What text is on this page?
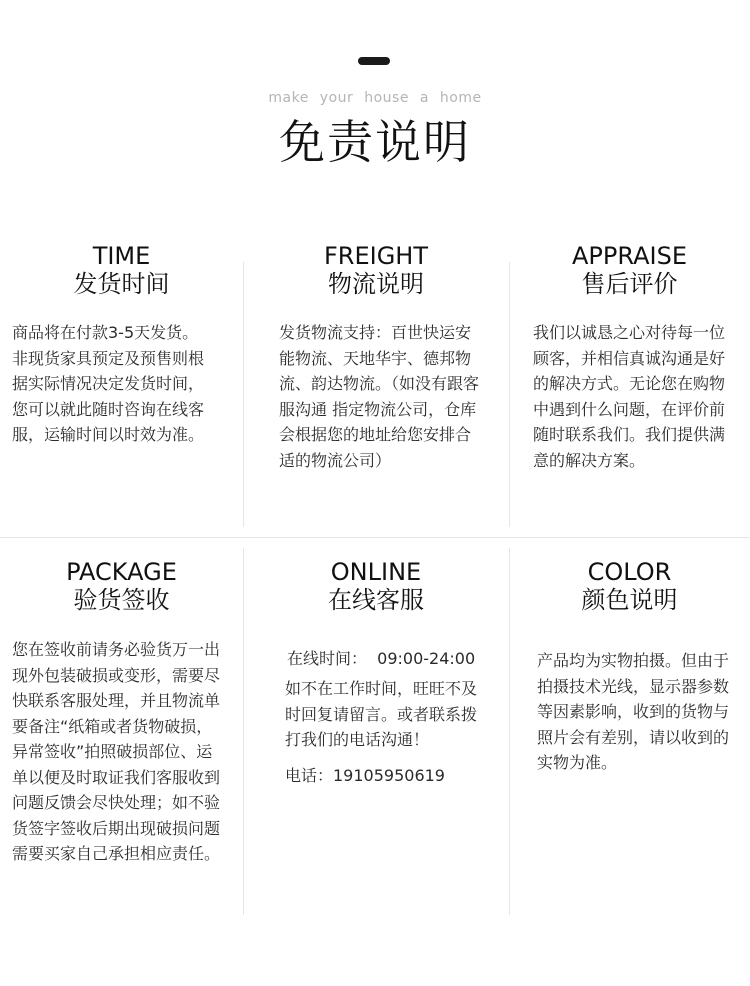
make your house a home
免责说明
TIME
发货时间
商品将在付款3-5天发货。非现货家具预定及预售则根据实际情况决定发货时间，您可以就此随时咨询在线客服，运输时间以时效为准。
FREIGHT
物流说明
发货物流支持：百世快运安能物流、天地华宇、德邦物流、韵达物流。（如没有跟客服沟通 指定物流公司，仓库会根据您的地址给您安排合适的物流公司）
APPRAISE
售后评价
我们以诚恳之心对待每一位顾客，并相信真诚沟通是好的解决方式。无论您在购物中遇到什么问题，在评价前随时联系我们。我们提供满意的解决方案。
PACKAGE
验货签收
您在签收前请务必验货万一出现外包装破损或变形，需要尽快联系客服处理，并且物流单要备注“纸箱或者货物破损，异常签收”拍照破损部位、运单以便及时取证我们客服收到问题反馈会尽快处理；如不验货签字签收后期出现破损问题需要买家自己承担相应责任。
ONLINE
在线客服
在线时间：  09:00-24:00
如不在工作时间，旺旺不及时回复请留言。或者联系拨打我们的电话沟通！
电话：19105950619
COLOR
颜色说明
产品均为实物拍摄。但由于拍摄技术光线，显示器参数等因素影响，收到的货物与照片会有差别，请以收到的实物为准。
